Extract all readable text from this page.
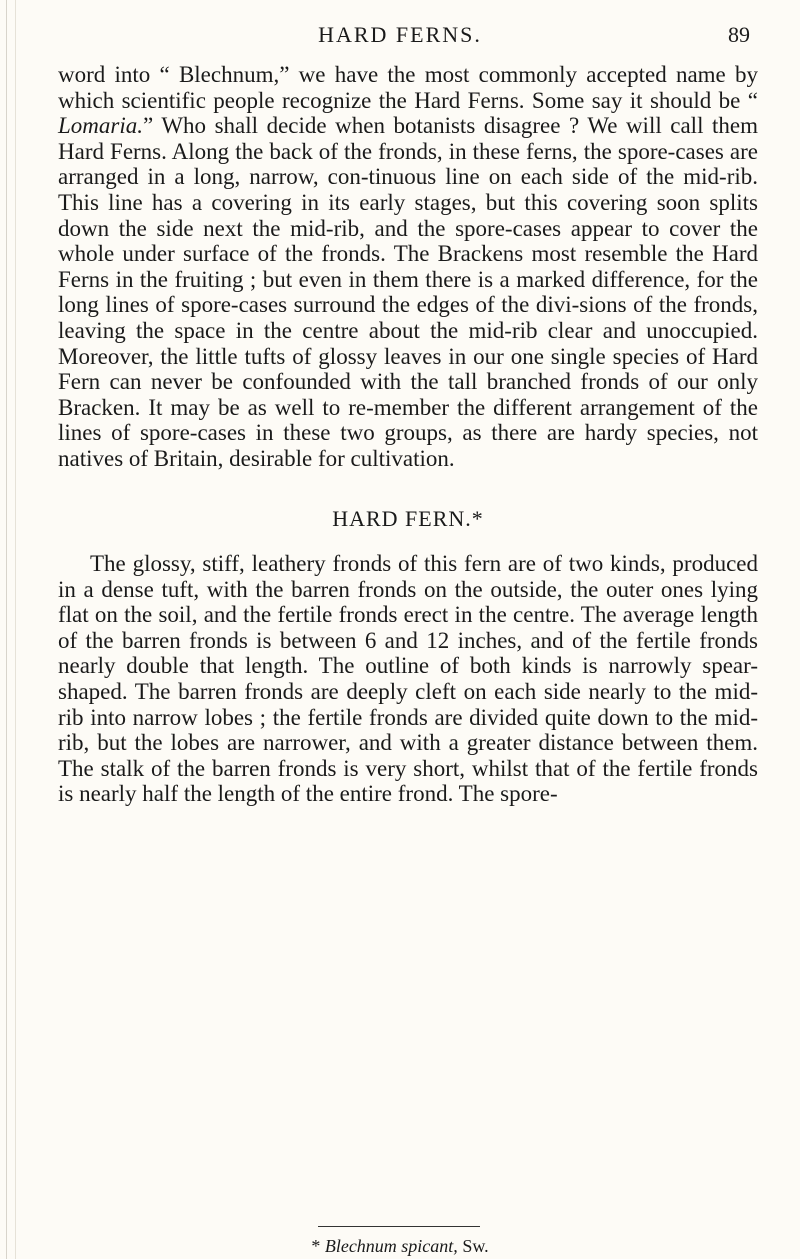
HARD FERNS.	89

word into “ Blechnum,” we have the most commonly accepted name by which scientific people recognize the Hard Ferns. Some say it should be “ Lomaria.” Who shall decide when botanists disagree ? We will call them Hard Ferns. Along the back of the fronds, in these ferns, the spore-cases are arranged in a long, narrow, con-tinuous line on each side of the mid-rib. This line has a covering in its early stages, but this covering soon splits down the side next the mid-rib, and the spore-cases appear to cover the whole under surface of the fronds. The Brackens most resemble the Hard Ferns in the fruiting ; but even in them there is a marked difference, for the long lines of spore-cases surround the edges of the divi-sions of the fronds, leaving the space in the centre about the mid-rib clear and unoccupied. Moreover, the little tufts of glossy leaves in our one single species of Hard Fern can never be confounded with the tall branched fronds of our only Bracken. It may be as well to re-member the different arrangement of the lines of spore-cases in these two groups, as there are hardy species, not natives of Britain, desirable for cultivation.

HARD FERN.*

The glossy, stiff, leathery fronds of this fern are of two kinds, produced in a dense tuft, with the barren fronds on the outside, the outer ones lying flat on the soil, and the fertile fronds erect in the centre. The average length of the barren fronds is between 6 and 12 inches, and of the fertile fronds nearly double that length. The outline of both kinds is narrowly spear-shaped. The barren fronds are deeply cleft on each side nearly to the mid-rib into narrow lobes ; the fertile fronds are divided quite down to the mid-rib, but the lobes are narrower, and with a greater distance between them. The stalk of the barren fronds is very short, whilst that of the fertile fronds is nearly half the length of the entire frond. The spore-

* Blechnum spicant, Sw.
